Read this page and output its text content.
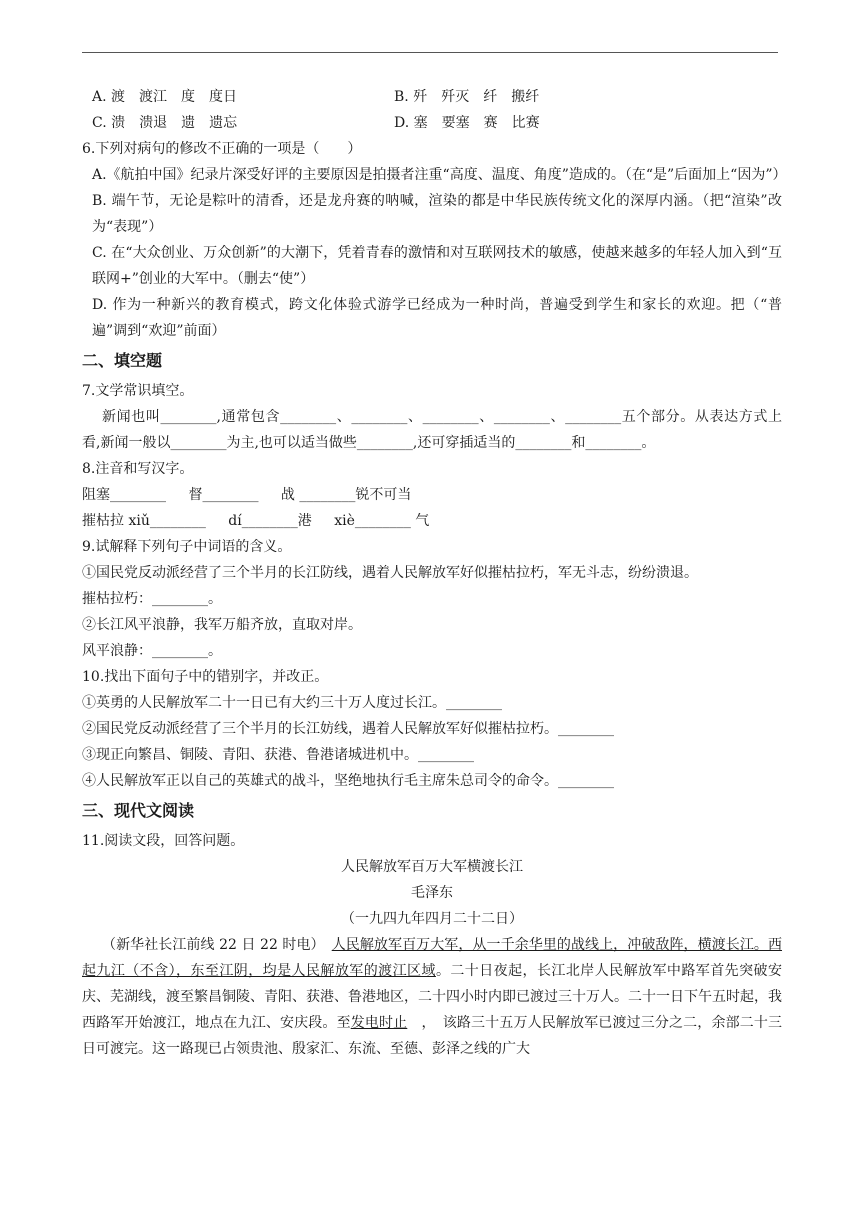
A. 渡　渡江　度　度日	B. 歼　歼灭　纤　搬纤
C. 溃　溃退　遗　遗忘	D. 塞　要塞　赛　比赛
6.下列对病句的修改不正确的一项是（　　）
A.《航拍中国》纪录片深受好评的主要原因是拍摄者注重“高度、温度、角度”造成的。（在“是”后面加上“因为”）
B. 端午节，无论是粽叶的清香，还是龙舟赛的呐喊，渲染的都是中华民族传统文化的深厚内涵。（把“渲染”改为“表现”）
C. 在“大众创业、万众创新”的大潮下，凭着青春的激情和对互联网技术的敏感，使越来越多的年轻人加入到“互联网+”创业的大军中。（删去“使”）
D. 作为一种新兴的教育模式，跨文化体验式游学已经成为一种时尚，普遍受到学生和家长的欢迎。把（“普遍”调到“欢迎”前面）
二、填空题
7.文学常识填空。
新闻也叫________,通常包含________、________、________、________、________五个部分。从表达方式上看,新闻一般以________为主,也可以适当做些________,还可穿插适当的________和________。
8.注音和写汉字。
阻塞________ 督________ 战 ________锐不可当
摧枯拉 xiǔ________ dí________港 xiè________ 气
9.试解释下列句子中词语的含义。
①国民党反动派经营了三个半月的长江防线，遇着人民解放军好似摧枯拉朽，军无斗志，纷纷溃退。
摧枯拉朽：________。
②长江风平浪静，我军万船齐放，直取对岸。
风平浪静：________。
10.找出下面句子中的错别字，并改正。
①英勇的人民解放军二十一日已有大约三十万人度过长江。________
②国民党反动派经营了三个半月的长江妨线，遇着人民解放军好似摧枯拉朽。________
③现正向繁昌、铜陵、青阳、获港、鲁港诸城进机中。________
④人民解放军正以自己的英雄式的战斗，坚绝地执行毛主席朱总司令的命令。________
三、现代文阅读
11.阅读文段，回答问题。
人民解放军百万大军横渡长江
毛泽东
（一九四九年四月二十二日）
（新华社长江前线 22 日 22 时电）　 人民解放军百万大军，从一千余华里的战线上，冲破敌阵，横渡长江。西起九江（不含），东至江阴，均是人民解放军的渡江区域。二十日夜起，长江北岸人民解放军中路军首先突破安庆、芜湖线，渡至繁昌铜陵、青阳、获港、鲁港地区，二十四小时内即已渡过三十万人。二十一日下午五时起，我西路军开始渡江，地点在九江、安庆段。至发电时止　，　该路三十五万人民解放军已渡过三分之二，余部二十三日可渡完。这一路现已占领贵池、殷家汇、东流、至德、彭泽之线的广大
